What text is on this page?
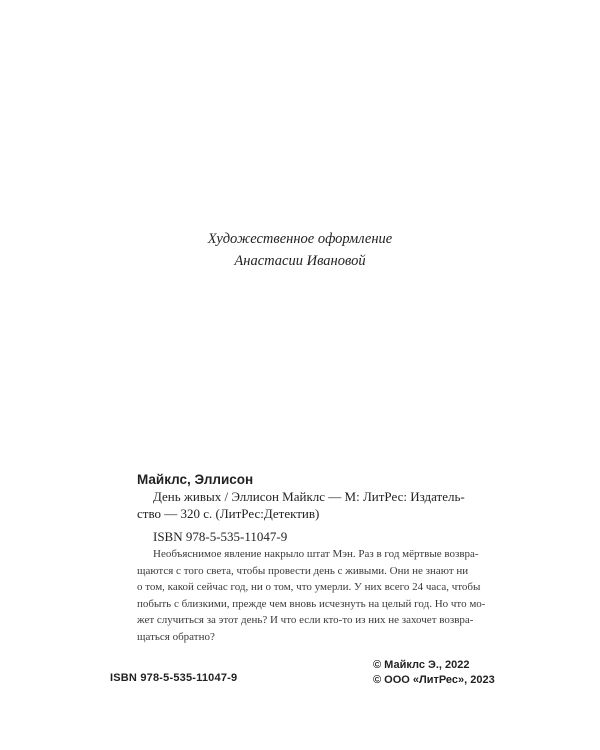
Художественное оформление
Анастасии Ивановой
Майклс, Эллисон
День живых / Эллисон Майклс — М: ЛитРес: Издатель-
ство — 320 с. (ЛитРес:Детектив)
ISBN 978-5-535-11047-9
Необъяснимое явление накрыло штат Мэн. Раз в год мёртвые возвра-
щаются с того света, чтобы провести день с живыми. Они не знают ни
о том, какой сейчас год, ни о том, что умерли. У них всего 24 часа, чтобы
побыть с близкими, прежде чем вновь исчезнуть на целый год. Но что мо-
жет случиться за этот день? И что если кто-то из них не захочет возвра-
щаться обратно?
ISBN 978-5-535-11047-9
© Майклс Э., 2022
© ООО «ЛитРес», 2023
